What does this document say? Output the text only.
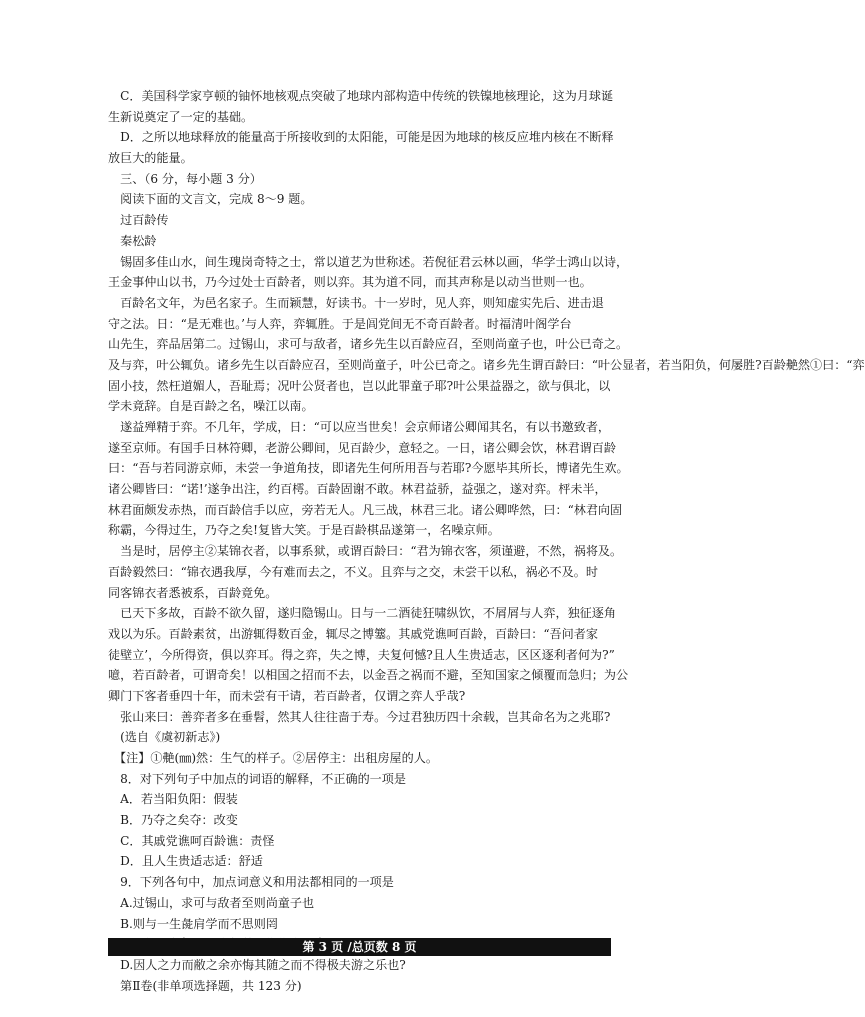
　C．美国科学家亨顿的铀怀地核观点突破了地球内部构造中传统的铁镍地核理论，这为月球诞
生新说奠定了一定的基础。
　D．之所以地球释放的能量高于所接收到的太阳能，可能是因为地球的核反应堆内核在不断释
放巨大的能量。
　三、（6 分，每小题 3 分）
　阅读下面的文言文，完成 8～9 题。
　过百龄传
　秦松龄
　锡固多佳山水，间生瑰岗奇特之士，常以道艺为世称述。若倪征君云林以画，华学士鸿山以诗，
王金事仲山以书，乃今过处士百龄者，则以弈。其为道不同，而其声称是以动当世则一也。
　百龄名文年，为邑名家子。生而颖慧，好读书。十一岁时，见人弈，则知虚实先后、进击退
守之法。日：“是无难也。’与人弈，弈辄胜。于是闾党间无不奇百龄者。时福清叶阁学台
山先生，弈品居第二。过锡山，求可与敌者，诸乡先生以百龄应召，至则尚童子也，叶公已奇之。
及与弈，叶公辄负。诸乡先生以百龄应召，至则尚童子，叶公已奇之。诸乡先生谓百龄曰：“叶公显者，若当阳负，何屡胜?百龄艴然①曰：“弈
固小技，然枉道媚人，吾耻焉；况叶公贤者也，岂以此罪童子耶?叶公果益器之，欲与俱北，以
学未竟辞。自是百龄之名，噪江以南。
　遂益殚精于弈。不几年，学成，日：“可以应当世矣！会京师诸公卿闻其名，有以书邀致者，
遂至京师。有国手日林符卿，老游公卿间，见百龄少，意轻之。一日，诸公卿会饮，林君谓百龄
曰：“吾与若同游京师，未尝一争道角技，即诸先生何所用吾与若耶?今愿毕其所长，博诸先生欢。
诸公卿皆曰：“诺!’遂争出注，约百樗。百龄固谢不敢。林君益骄，益强之，遂对弈。枰未半，
林君面颇发赤热，而百龄信手以应，旁若无人。凡三战，林君三北。诸公卿哗然，曰：“林君向固
称霸，今得过生，乃夺之矣!复皆大笑。于是百龄棋品遂第一，名噪京师。
　当是时，居停主②某锦衣者，以事系狱，或谓百龄曰：“君为锦衣客，须谨避，不然，祸将及。
百龄毅然曰：“锦衣遇我厚，今有难而去之，不义。且弈与之交，未尝干以私，祸必不及。时
同客锦衣者悉被系，百龄竟免。
　已天下多故，百龄不欲久留，遂归隐锡山。日与一二酒徒狂啸纵饮，不屑屑与人弈，独征逐角
戏以为乐。百龄素贫，出游辄得数百金，辄尽之博簺。其戚党谯呵百龄，百龄曰：“吾问者家
徒壁立’，今所得资，俱以弈耳。得之弈，失之博，夫复何憾?且人生贵适志，区区逐利者何为?”
噫，若百龄者，可谓奇矣！以相国之招而不去，以金吾之祸而不避，至知国家之倾覆而急归；为公
卿门下客者垂四十年，而未尝有干请，若百龄者，仅谓之弈人乎哉?
　张山来曰：善弈者多在垂髫，然其人往往啬于寿。今过君独历四十余载，岂其命名为之兆耶?
　(选自《虞初新志》)
　【注】①艴(㎜)然：生气的样子。②居停主：出租房屋的人。
　8．对下列句子中加点的词语的解释，不正确的一项是
　A．若当阳负阳：假装
　B．乃夺之矣夺：改变
　C．其戚党谯呵百龄谯：责怪
　D．且人生贵适志适：舒适
　9．下列各句中，加点词意义和用法都相同的一项是
　A.过锡山，求可与敌者至则尚童子也
　B.则与一生彘肩学而不思则罔
　D.因人之力而敝之余亦悔其随之而不得极夫游之乐也?
　第Ⅱ卷(非单项选择题，共 123 分)
第 3 页 /总页数 8 页
